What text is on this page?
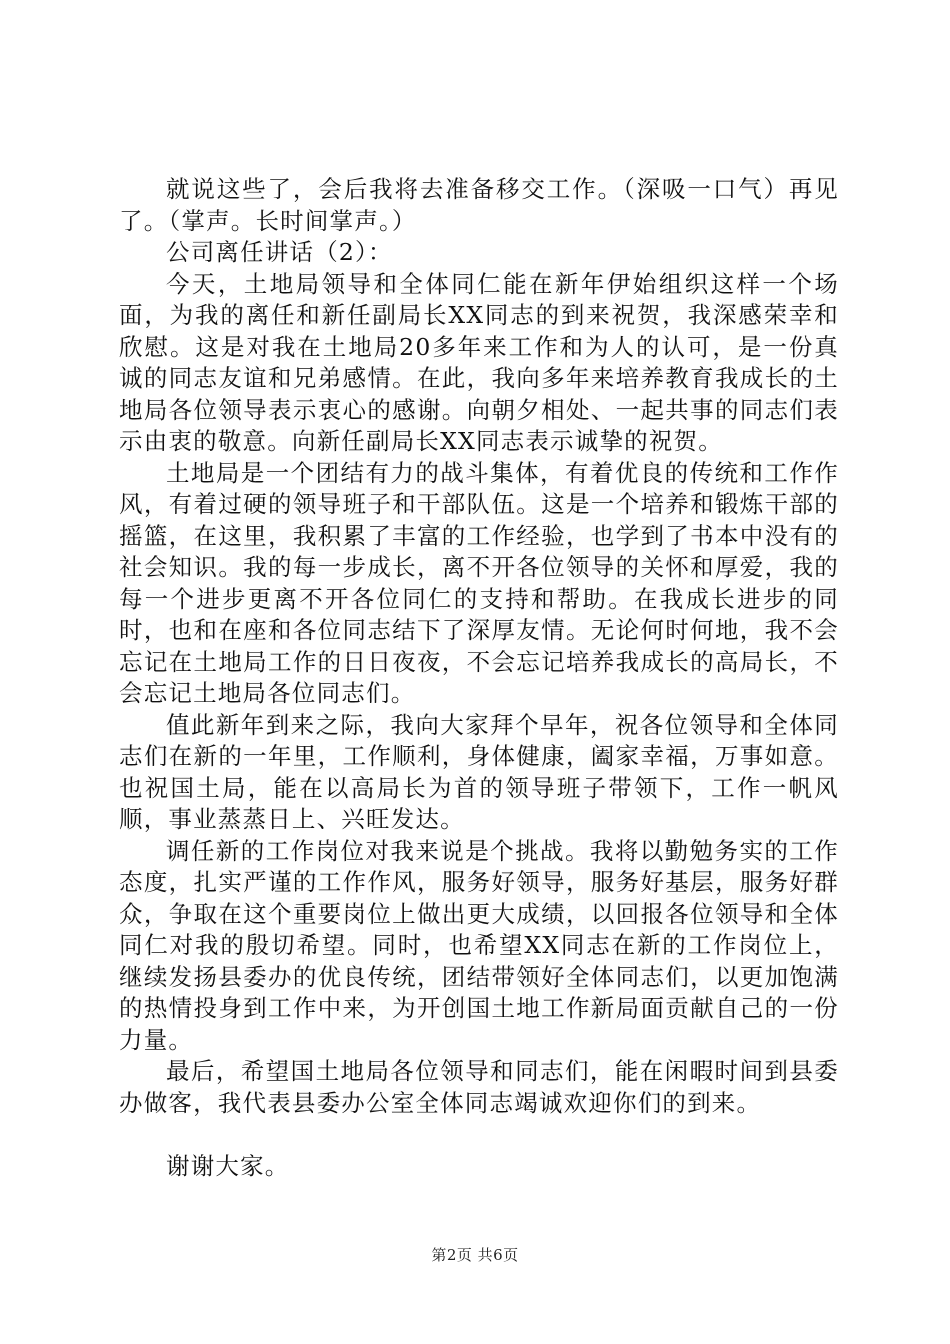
就说这些了，会后我将去准备移交工作。（深吸一口气）再见了。（掌声。长时间掌声。）

公司离任讲话（2）：

今天，土地局领导和全体同仁能在新年伊始组织这样一个场面，为我的离任和新任副局长XX同志的到来祝贺，我深感荣幸和欣慰。这是对我在土地局20多年来工作和为人的认可，是一份真诚的同志友谊和兄弟感情。在此，我向多年来培养教育我成长的土地局各位领导表示衷心的感谢。向朝夕相处、一起共事的同志们表示由衷的敬意。向新任副局长XX同志表示诚挚的祝贺。

土地局是一个团结有力的战斗集体，有着优良的传统和工作作风，有着过硬的领导班子和干部队伍。这是一个培养和锻炼干部的摇篮，在这里，我积累了丰富的工作经验，也学到了书本中没有的社会知识。我的每一步成长，离不开各位领导的关怀和厚爱，我的每一个进步更离不开各位同仁的支持和帮助。在我成长进步的同时，也和在座和各位同志结下了深厚友情。无论何时何地，我不会忘记在土地局工作的日日夜夜，不会忘记培养我成长的高局长，不会忘记土地局各位同志们。

值此新年到来之际，我向大家拜个早年，祝各位领导和全体同志们在新的一年里，工作顺利，身体健康，阖家幸福，万事如意。也祝国土局，能在以高局长为首的领导班子带领下，工作一帆风顺，事业蒸蒸日上、兴旺发达。

调任新的工作岗位对我来说是个挑战。我将以勤勉务实的工作态度，扎实严谨的工作作风，服务好领导，服务好基层，服务好群众，争取在这个重要岗位上做出更大成绩，以回报各位领导和全体同仁对我的殷切希望。同时，也希望XX同志在新的工作岗位上，继续发扬县委办的优良传统，团结带领好全体同志们，以更加饱满的热情投身到工作中来，为开创国土地工作新局面贡献自己的一份力量。

最后，希望国土地局各位领导和同志们，能在闲暇时间到县委办做客，我代表县委办公室全体同志竭诚欢迎你们的到来。

谢谢大家。

第2页 共6页
